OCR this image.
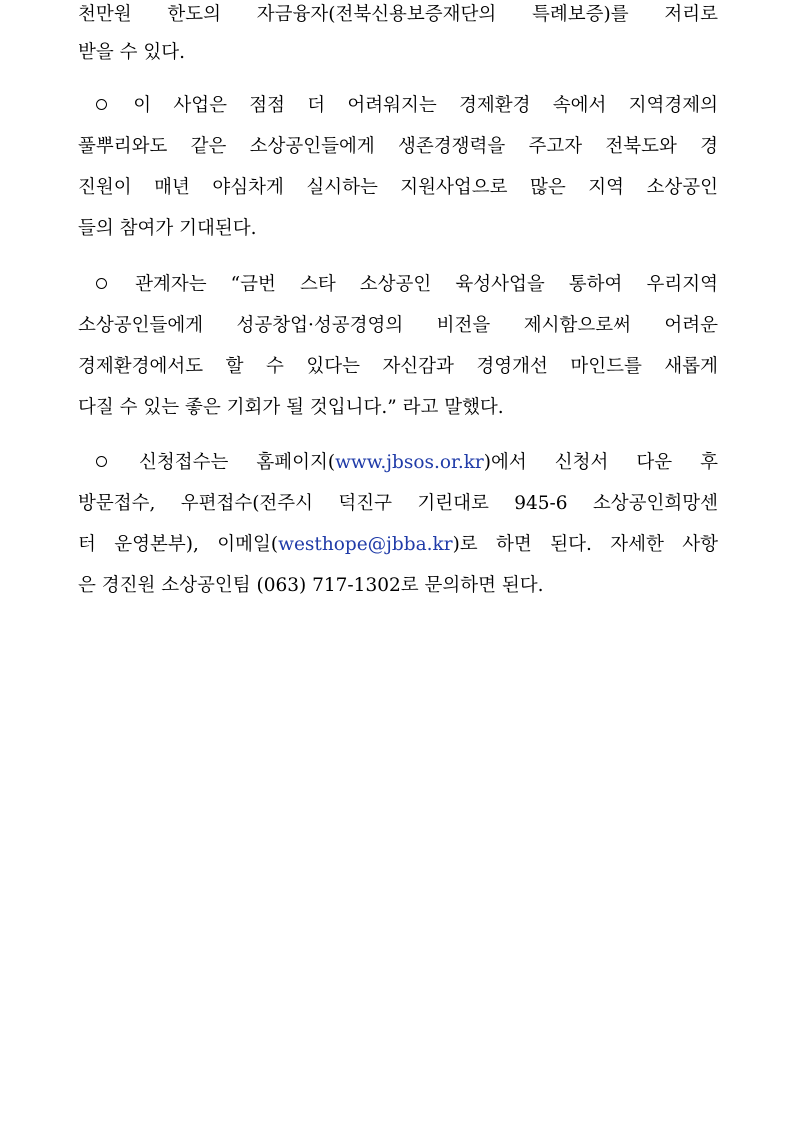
천만원 한도의 자금융자(전북신용보증재단의 특례보증)를 저리로
받을 수 있다.
이 사업은 점점 더 어려워지는 경제환경 속에서 지역경제의
풀뿌리와도 같은 소상공인들에게 생존경쟁력을 주고자 전북도와 경
진원이 매년 야심차게 실시하는 지원사업으로 많은 지역 소상공인
들의 참여가 기대된다.
관계자는 “금번 스타 소상공인 육성사업을 통하여 우리지역
소상공인들에게 성공창업·성공경영의 비전을 제시함으로써 어려운
경제환경에서도 할 수 있다는 자신감과 경영개선 마인드를 새롭게
다질 수 있는 좋은 기회가 될 것입니다.” 라고 말했다.
신청접수는 홈페이지(www.jbsos.or.kr)에서 신청서 다운 후
방문접수, 우편접수(전주시 덕진구 기린대로 945-6 소상공인희망센
터 운영본부), 이메일(westhope@jbba.kr)로 하면 된다. 자세한 사항
은 경진원 소상공인팀 (063) 717-1302로 문의하면 된다.
